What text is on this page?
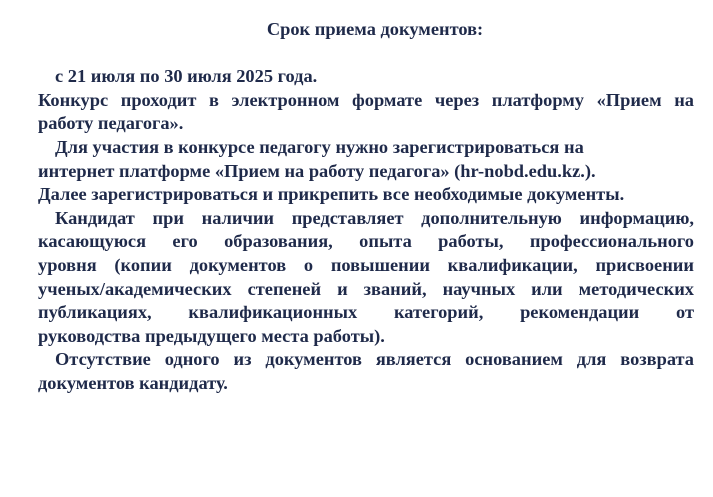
Срок приема документов:
с 21 июля по 30 июля 2025 года.
Конкурс проходит в электронном формате через платформу «Прием на
работу педагога».
Для участия в конкурсе педагогу нужно зарегистрироваться на
интернет платформе «Прием на работу педагога» (hr-nobd.edu.kz.).
Далее зарегистрироваться и прикрепить все необходимые документы.
Кандидат при наличии представляет дополнительную информацию,
касающуюся его образования, опыта работы, профессионального
уровня (копии документов о повышении квалификации, присвоении
ученых/академических степеней и званий, научных или методических
публикациях, квалификационных категорий, рекомендации от
руководства предыдущего места работы).
Отсутствие одного из документов является основанием для возврата
документов кандидату.
